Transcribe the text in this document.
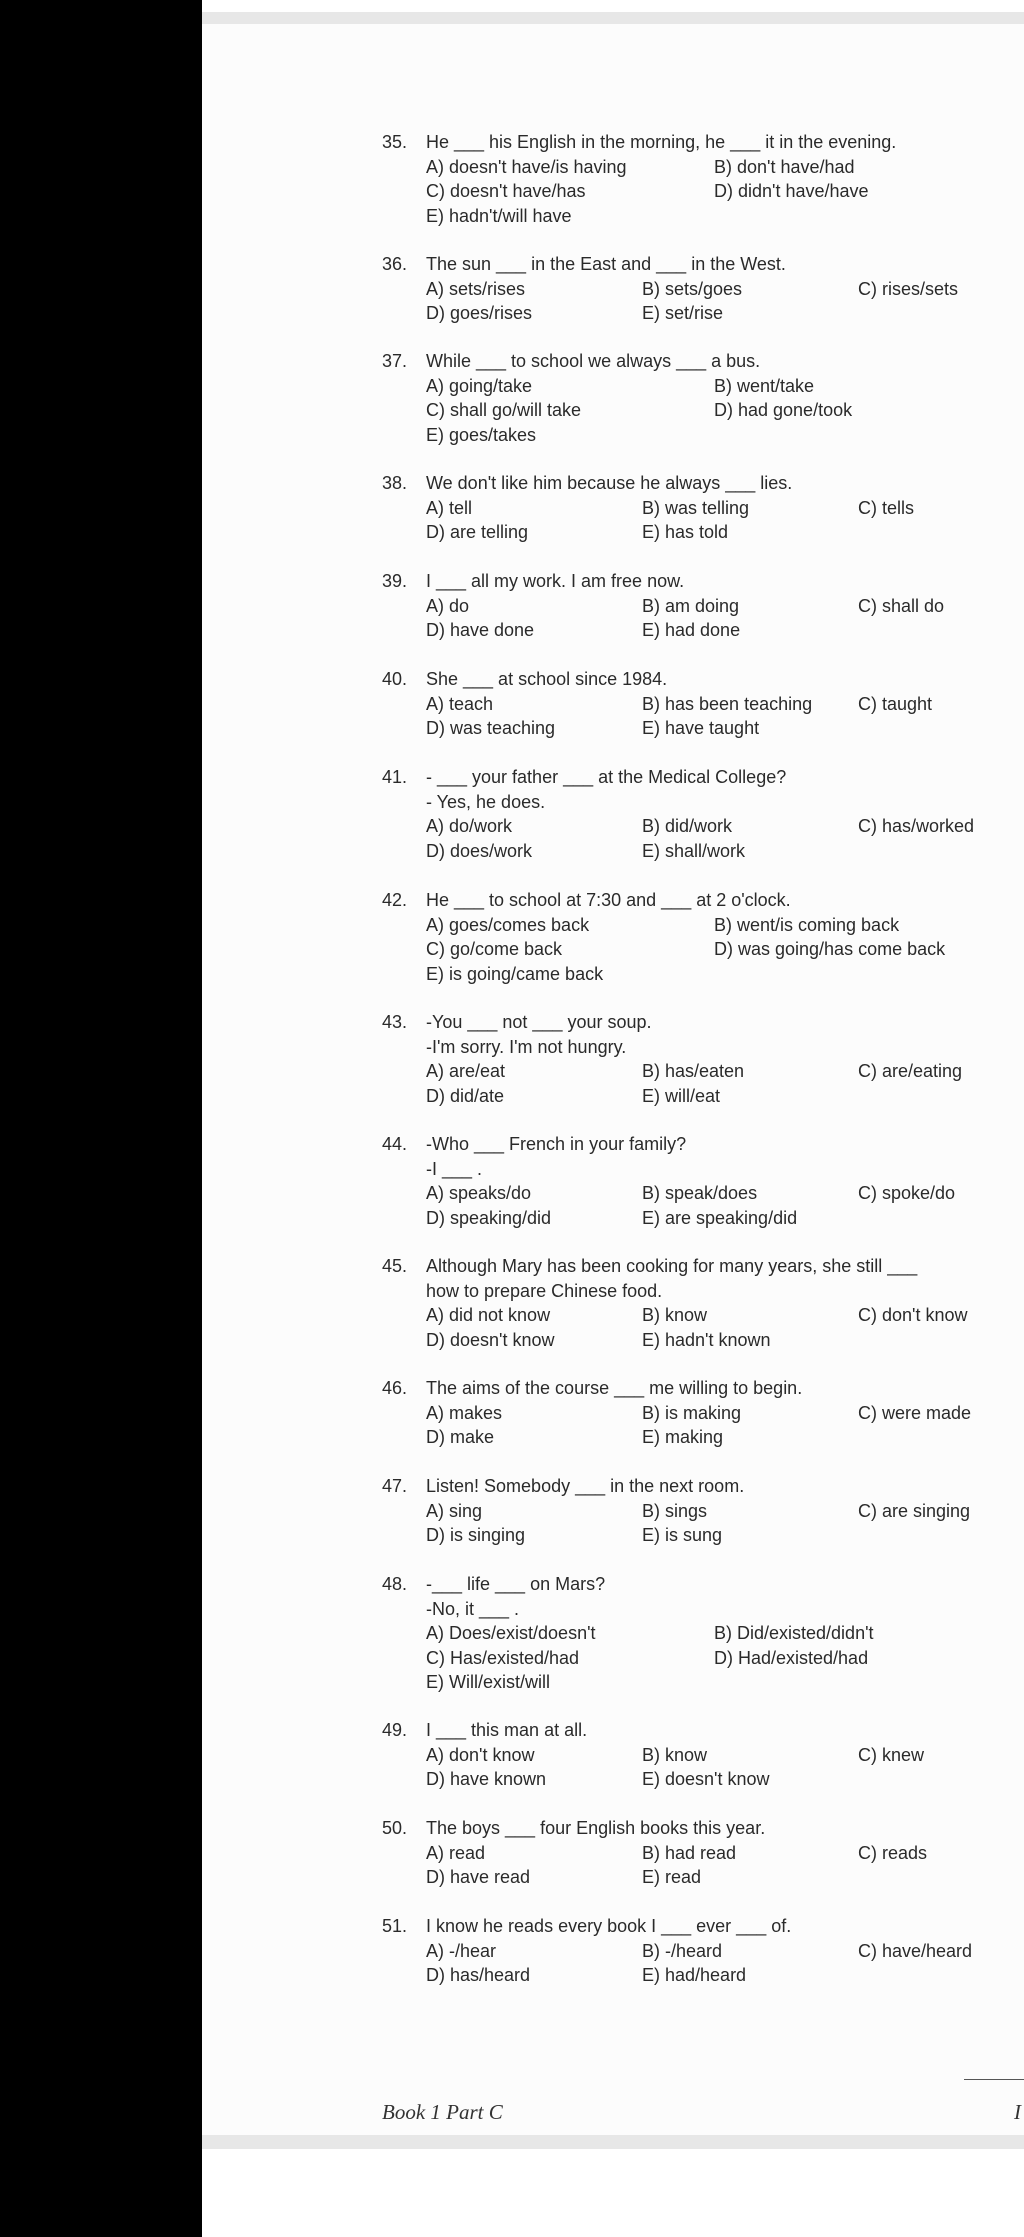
35.	He ___ his English in the morning, he ___ it in the evening.
A) doesn't have/is having	B) don't have/had
C) doesn't have/has	D) didn't have/have
E) hadn't/will have
36.	The sun ___ in the East and ___ in the West.
A) sets/rises	B) sets/goes	C) rises/sets
D) goes/rises	E) set/rise
37.	While ___ to school we always ___ a bus.
A) going/take	B) went/take
C) shall go/will take	D) had gone/took
E) goes/takes
38.	We don't like him because he always ___ lies.
A) tell	B) was telling	C) tells
D) are telling	E) has told
39.	I ___ all my work. I am free now.
A) do	B) am doing	C) shall do
D) have done	E) had done
40.	She ___ at school since 1984.
A) teach	B) has been teaching	C) taught
D) was teaching	E) have taught
41.	- ___ your father ___ at the Medical College?
- Yes, he does.
A) do/work	B) did/work	C) has/worked
D) does/work	E) shall/work
42.	He ___ to school at 7:30 and ___ at 2 o'clock.
A) goes/comes back	B) went/is coming back
C) go/come back	D) was going/has come back
E) is going/came back
43.	-You ___ not ___ your soup.
-I'm sorry. I'm not hungry.
A) are/eat	B) has/eaten	C) are/eating
D) did/ate	E) will/eat
44.	-Who ___ French in your family?
-I ___ .
A) speaks/do	B) speak/does	C) spoke/do
D) speaking/did	E) are speaking/did
45.	Although Mary has been cooking for many years, she still ___
how to prepare Chinese food.
A) did not know	B) know	C) don't know
D) doesn't know	E) hadn't known
46.	The aims of the course ___ me willing to begin.
A) makes	B) is making	C) were made
D) make	E) making
47.	Listen! Somebody ___ in the next room.
A) sing	B) sings	C) are singing
D) is singing	E) is sung
48.	-___ life ___ on Mars?
-No, it ___ .
A) Does/exist/doesn't	B) Did/existed/didn't
C) Has/existed/had	D) Had/existed/had
E) Will/exist/will
49.	I ___ this man at all.
A) don't know	B) know	C) knew
D) have known	E) doesn't know
50.	The boys ___ four English books this year.
A) read	B) had read	C) reads
D) have read	E) read
51.	I know he reads every book I ___ ever ___ of.
A) -/hear	B) -/heard	C) have/heard
D) has/heard	E) had/heard
Book 1 Part C	I
